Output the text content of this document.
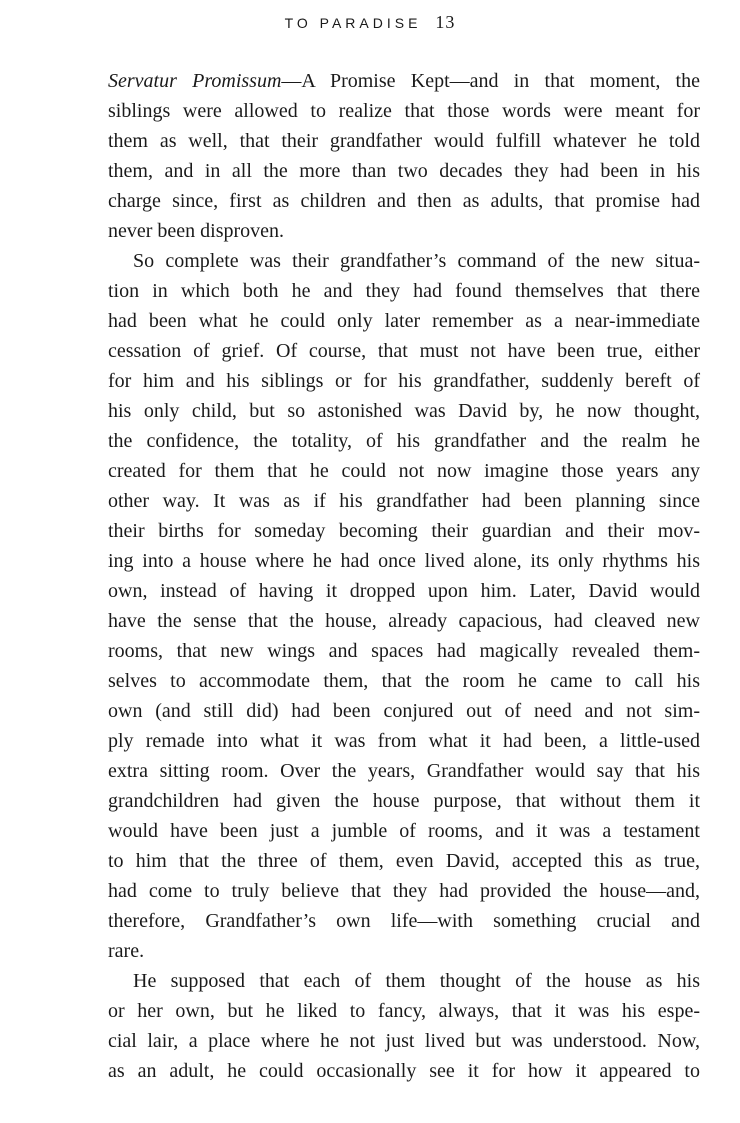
TO PARADISE 13
Servatur Promissum—A Promise Kept—and in that moment, the
siblings were allowed to realize that those words were meant for
them as well, that their grandfather would fulfill whatever he told
them, and in all the more than two decades they had been in his
charge since, first as children and then as adults, that promise had
never been disproven.
So complete was their grandfather’s command of the new situa-
tion in which both he and they had found themselves that there
had been what he could only later remember as a near-immediate
cessation of grief. Of course, that must not have been true, either
for him and his siblings or for his grandfather, suddenly bereft of
his only child, but so astonished was David by, he now thought,
the confidence, the totality, of his grandfather and the realm he
created for them that he could not now imagine those years any
other way. It was as if his grandfather had been planning since
their births for someday becoming their guardian and their mov-
ing into a house where he had once lived alone, its only rhythms his
own, instead of having it dropped upon him. Later, David would
have the sense that the house, already capacious, had cleaved new
rooms, that new wings and spaces had magically revealed them-
selves to accommodate them, that the room he came to call his
own (and still did) had been conjured out of need and not sim-
ply remade into what it was from what it had been, a little-used
extra sitting room. Over the years, Grandfather would say that his
grandchildren had given the house purpose, that without them it
would have been just a jumble of rooms, and it was a testament
to him that the three of them, even David, accepted this as true,
had come to truly believe that they had provided the house—and,
therefore, Grandfather’s own life—with something crucial and
rare.
He supposed that each of them thought of the house as his
or her own, but he liked to fancy, always, that it was his espe-
cial lair, a place where he not just lived but was understood. Now,
as an adult, he could occasionally see it for how it appeared to
